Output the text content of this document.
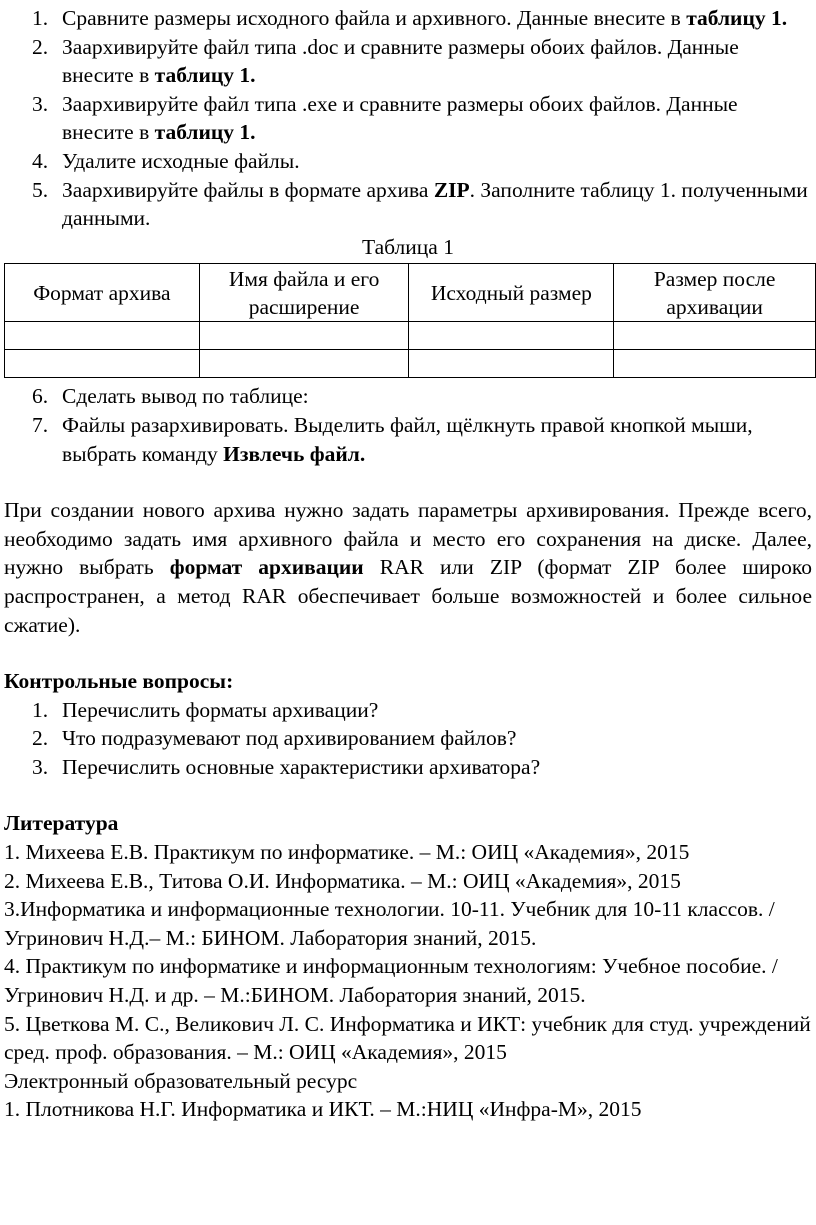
1. Сравните размеры исходного файла и архивного. Данные внесите в таблицу 1.
2. Заархивируйте файл типа .doc и сравните размеры обоих файлов. Данные внесите в таблицу 1.
3. Заархивируйте файл типа .exe и сравните размеры обоих файлов. Данные внесите в таблицу 1.
4. Удалите исходные файлы.
5. Заархивируйте файлы в формате архива ZIP. Заполните таблицу 1. полученными данными.
Таблица 1
Формат архива	Имя файла и его расширение	Исходный размер	Размер после архивации

6. Сделать вывод по таблице:
7. Файлы разархивировать. Выделить файл, щёлкнуть правой кнопкой мыши, выбрать команду Извлечь файл.
При создании нового архива нужно задать параметры архивирования. Прежде всего, необходимо задать имя архивного файла и место его сохранения на диске. Далее, нужно выбрать формат архивации RAR или ZIP (формат ZIP более широко распространен, а метод RAR обеспечивает больше возможностей и более сильное сжатие).
Контрольные вопросы:
1. Перечислить форматы архивации?
2. Что подразумевают под архивированием файлов?
3. Перечислить основные характеристики архиватора?
Литература
1. Михеева Е.В. Практикум по информатике. – М.: ОИЦ «Академия», 2015
2. Михеева Е.В., Титова О.И. Информатика. – М.: ОИЦ «Академия», 2015
3.Информатика и информационные технологии. 10-11. Учебник для 10-11 классов. / Угринович Н.Д.– М.: БИНОМ. Лаборатория знаний, 2015.
4. Практикум по информатике и информационным технологиям: Учебное пособие. / Угринович Н.Д. и др. – М.:БИНОМ. Лаборатория знаний, 2015.
5. Цветкова М. С., Великович Л. С. Информатика и ИКТ: учебник для студ. учреждений сред. проф. образования. – М.: ОИЦ «Академия», 2015
Электронный образовательный ресурс
1. Плотникова Н.Г. Информатика и ИКТ. – М.:НИЦ «Инфра-М», 2015
